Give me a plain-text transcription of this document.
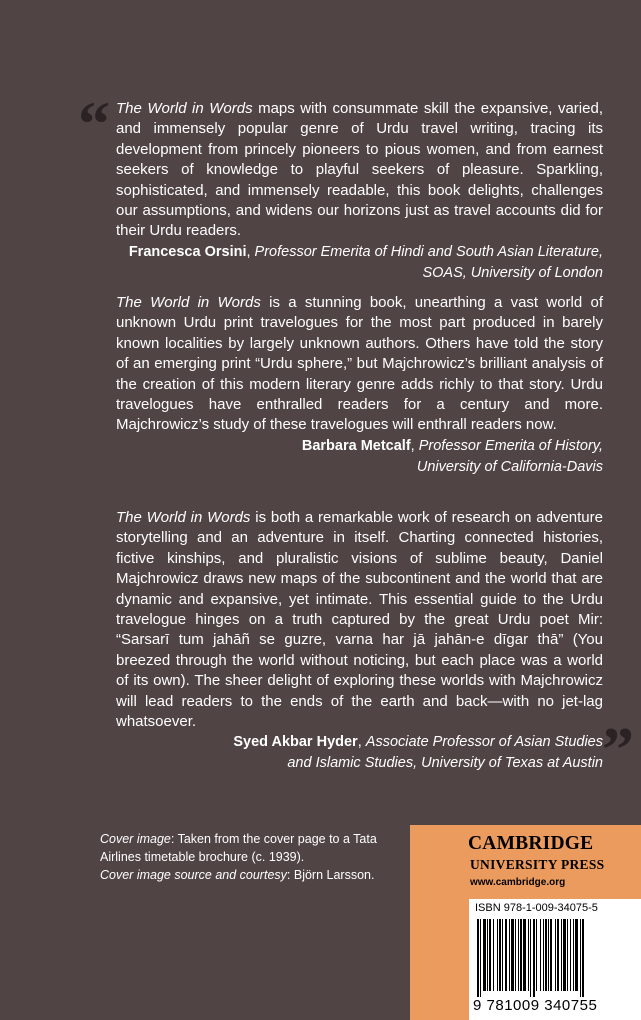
“ The World in Words maps with consummate skill the expansive, varied, and immensely popular genre of Urdu travel writing, tracing its development from princely pioneers to pious women, and from earnest seekers of knowledge to playful seekers of pleasure. Sparkling, sophisticated, and immensely readable, this book delights, challenges our assumptions, and widens our horizons just as travel accounts did for their Urdu readers.

Francesca Orsini, Professor Emerita of Hindi and South Asian Literature,
SOAS, University of London

The World in Words is a stunning book, unearthing a vast world of unknown Urdu print travelogues for the most part produced in barely known localities by largely unknown authors. Others have told the story of an emerging print “Urdu sphere,” but Majchrowicz’s brilliant analysis of the creation of this modern literary genre adds richly to that story. Urdu travelogues have enthralled readers for a century and more. Majchrowicz’s study of these travelogues will enthrall readers now.

Barbara Metcalf, Professor Emerita of History,
University of California-Davis

The World in Words is both a remarkable work of research on adventure storytelling and an adventure in itself. Charting connected histories, fictive kinships, and pluralistic visions of sublime beauty, Daniel Majchrowicz draws new maps of the subcontinent and the world that are dynamic and expansive, yet intimate. This essential guide to the Urdu travelogue hinges on a truth captured by the great Urdu poet Mir: “Sarsarī tum jahāñ se guzre, varna har jā jahān-e dīgar thā” (You breezed through the world without noticing, but each place was a world of its own). The sheer delight of exploring these worlds with Majchrowicz will lead readers to the ends of the earth and back—with no jet-lag whatsoever.

Syed Akbar Hyder, Associate Professor of Asian Studies
and Islamic Studies, University of Texas at Austin ”

Cover image: Taken from the cover page to a Tata Airlines timetable brochure (c. 1939).

Cover image source and courtesy: Björn Larsson.

CAMBRIDGE
UNIVERSITY PRESS
www.cambridge.org
ISBN 978-1-009-34075-5
9 781009 340755
